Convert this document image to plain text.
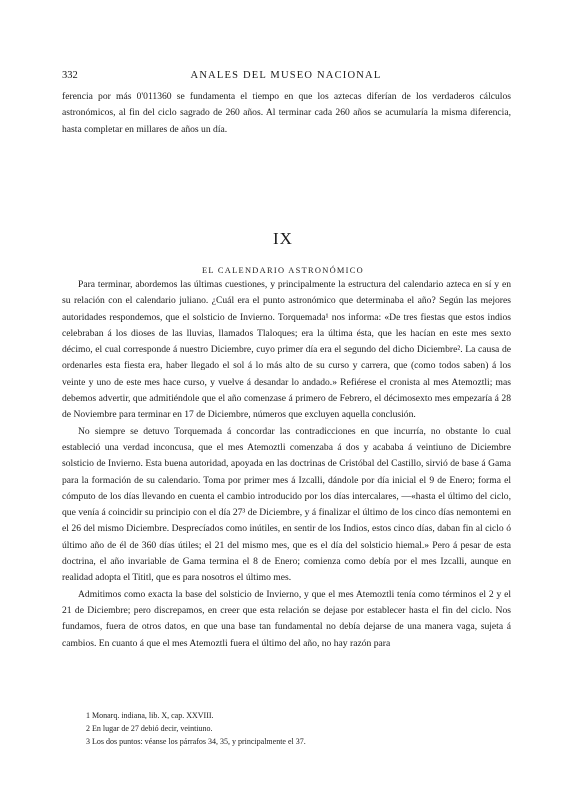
332	ANALES DEL MUSEO NACIONAL

ferencia por más 0'011360 se fundamenta el tiempo en que los aztecas diferían de los verdaderos cálculos astronómicos, al fin del ciclo sagrado de 260 años. Al terminar cada 260 años se acumularía la misma diferencia, hasta completar en millares de años un día.

IX
EL CALENDARIO ASTRONÓMICO

Para terminar, abordemos las últimas cuestiones, y principalmente la estructura del calendario azteca en sí y en su relación con el calendario juliano. ¿Cuál era el punto astronómico que determinaba el año? Según las mejores autoridades respondemos, que el solsticio de Invierno. Torquemada¹ nos informa: «De tres fiestas que estos indios celebraban á los dioses de las lluvias, llamados Tlaloques; era la última ésta, que les hacían en este mes sexto décimo, el cual corresponde á nuestro Diciembre, cuyo primer día era el segundo del dicho Diciembre². La causa de ordenarles esta fiesta era, haber llegado el sol á lo más alto de su curso y carrera, que (como todos saben) á los veinte y uno de este mes hace curso, y vuelve á desandar lo andado.» Refiérese el cronista al mes Atemoztli; mas debemos advertir, que admitiéndole que el año comenzase á primero de Febrero, el décimosexto mes empezaría á 28 de Noviembre para terminar en 17 de Diciembre, números que excluyen aquella conclusión.

No siempre se detuvo Torquemada á concordar las contradicciones en que incurría, no obstante lo cual estableció una verdad inconcusa, que el mes Atemoztli comenzaba á dos y acababa á veintiuno de Diciembre solsticio de Invierno. Esta buena autoridad, apoyada en las doctrinas de Cristóbal del Castillo, sirvió de base á Gama para la formación de su calendario. Toma por primer mes á Izcalli, dándole por día inicial el 9 de Enero; forma el cómputo de los días llevando en cuenta el cambio introducido por los días intercalares, —«hasta el último del ciclo, que venía á coincidir su principio con el día 27³ de Diciembre, y á finalizar el último de los cinco días nemontemi en el 26 del mismo Diciembre. Desprecíados como inútiles, en sentir de los Indios, estos cinco días, daban fin al ciclo ó último año de él de 360 días útiles; el 21 del mismo mes, que es el día del solsticio hiemal.» Pero á pesar de esta doctrina, el año invariable de Gama termina el 8 de Enero; comienza como debía por el mes Izcalli, aunque en realidad adopta el Tititl, que es para nosotros el último mes.

Admitimos como exacta la base del solsticio de Invierno, y que el mes Atemoztli tenía como términos el 2 y el 21 de Diciembre; pero discrepamos, en creer que esta relación se dejase por establecer hasta el fin del ciclo. Nos fundamos, fuera de otros datos, en que una base tan fundamental no debía dejarse de una manera vaga, sujeta á cambios. En cuanto á que el mes Atemoztli fuera el último del año, no hay razón para

1 Monarq. indiana, lib. X, cap. XXVIII.
2 En lugar de 27 debió decir, veintiuno.
3 Los dos puntos: véanse los párrafos 34, 35, y principalmente el 37.
